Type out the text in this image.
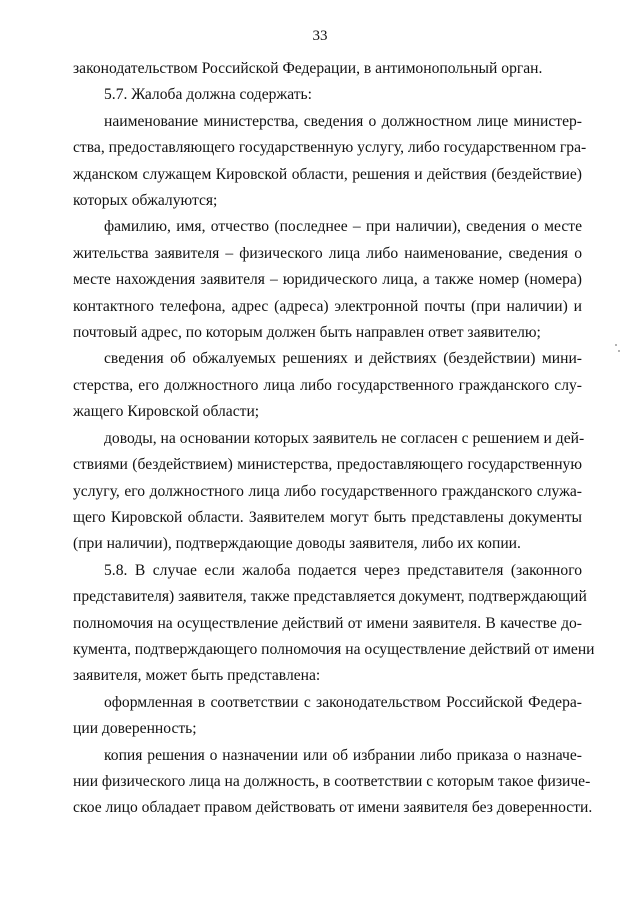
33
законодательством Российской Федерации, в антимонопольный орган.
5.7. Жалоба должна содержать:
наименование министерства, сведения о должностном лице министер-
ства, предоставляющего государственную услугу, либо государственном гра-
жданском служащем Кировской области, решения и действия (бездействие)
которых обжалуются;
фамилию, имя, отчество (последнее – при наличии), сведения о месте
жительства заявителя – физического лица либо наименование, сведения о
месте нахождения заявителя – юридического лица, а также номер (номера)
контактного телефона, адрес (адреса) электронной почты (при наличии) и
почтовый адрес, по которым должен быть направлен ответ заявителю;
сведения об обжалуемых решениях и действиях (бездействии) мини-
стерства, его должностного лица либо государственного гражданского слу-
жащего Кировской области;
доводы, на основании которых заявитель не согласен с решением и дей-
ствиями (бездействием) министерства, предоставляющего государственную
услугу, его должностного лица либо государственного гражданского служа-
щего Кировской области. Заявителем могут быть представлены документы
(при наличии), подтверждающие доводы заявителя, либо их копии.
5.8. В случае если жалоба подается через представителя (законного
представителя) заявителя, также представляется документ, подтверждающий
полномочия на осуществление действий от имени заявителя. В качестве до-
кумента, подтверждающего полномочия на осуществление действий от имени
заявителя, может быть представлена:
оформленная в соответствии с законодательством Российской Федера-
ции доверенность;
копия решения о назначении или об избрании либо приказа о назначе-
нии физического лица на должность, в соответствии с которым такое физиче-
ское лицо обладает правом действовать от имени заявителя без доверенности.
